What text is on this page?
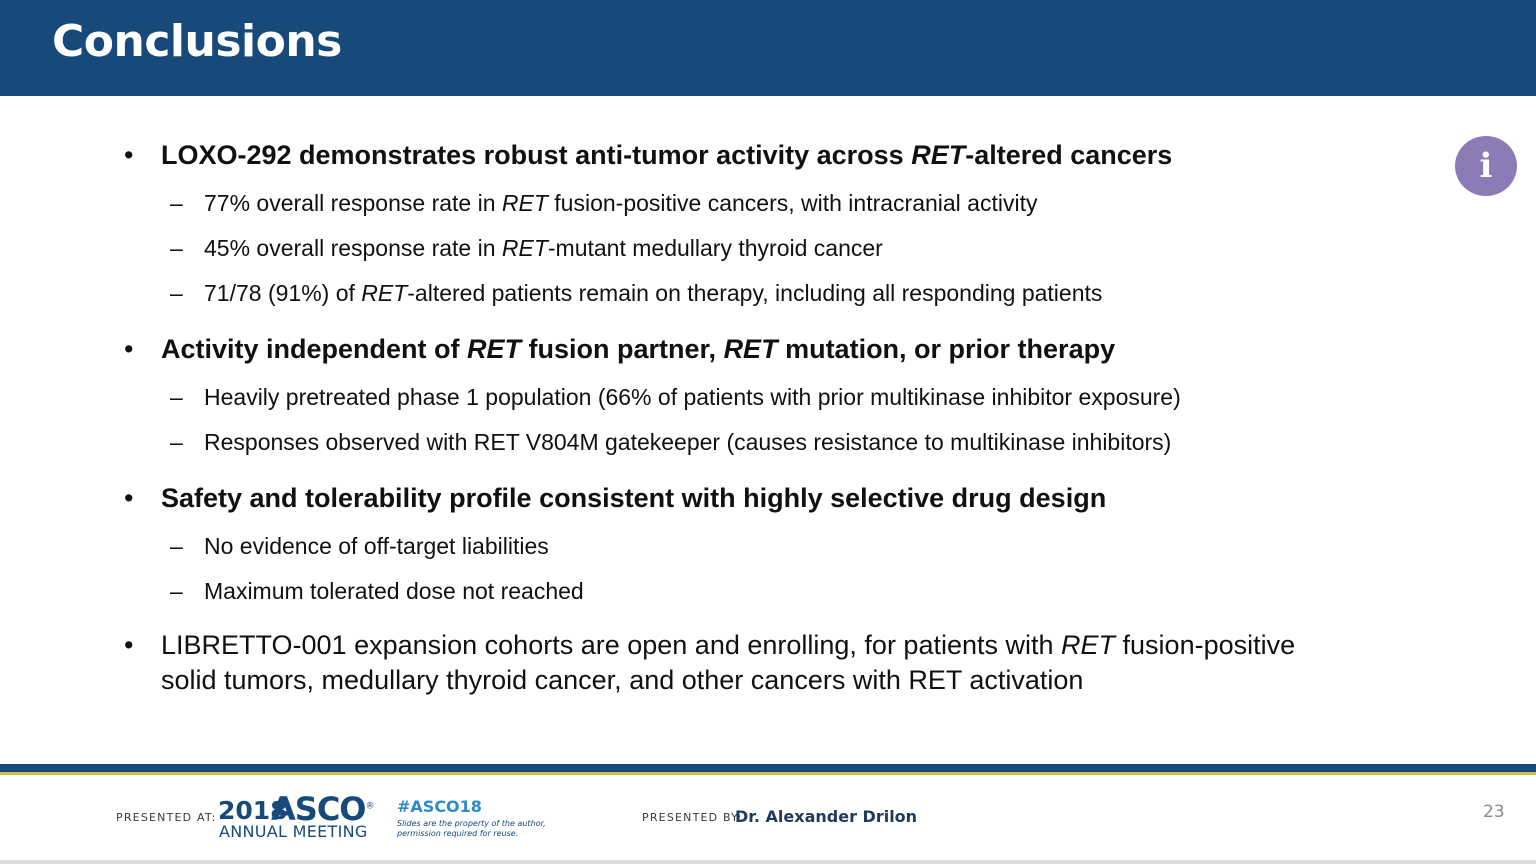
Conclusions
i
• LOXO-292 demonstrates robust anti-tumor activity across RET-altered cancers
– 77% overall response rate in RET fusion-positive cancers, with intracranial activity
– 45% overall response rate in RET-mutant medullary thyroid cancer
– 71/78 (91%) of RET-altered patients remain on therapy, including all responding patients
• Activity independent of RET fusion partner, RET mutation, or prior therapy
– Heavily pretreated phase 1 population (66% of patients with prior multikinase inhibitor exposure)
– Responses observed with RET V804M gatekeeper (causes resistance to multikinase inhibitors)
• Safety and tolerability profile consistent with highly selective drug design
– No evidence of off-target liabilities
– Maximum tolerated dose not reached
• LIBRETTO-001 expansion cohorts are open and enrolling, for patients with RET fusion-positive solid tumors, medullary thyroid cancer, and other cancers with RET activation
PRESENTED AT: 2018
ASCO®
ANNUAL MEETING
#ASCO18
Slides are the property of the author, permission required for reuse.
PRESENTED BY:
Dr. Alexander Drilon	23
